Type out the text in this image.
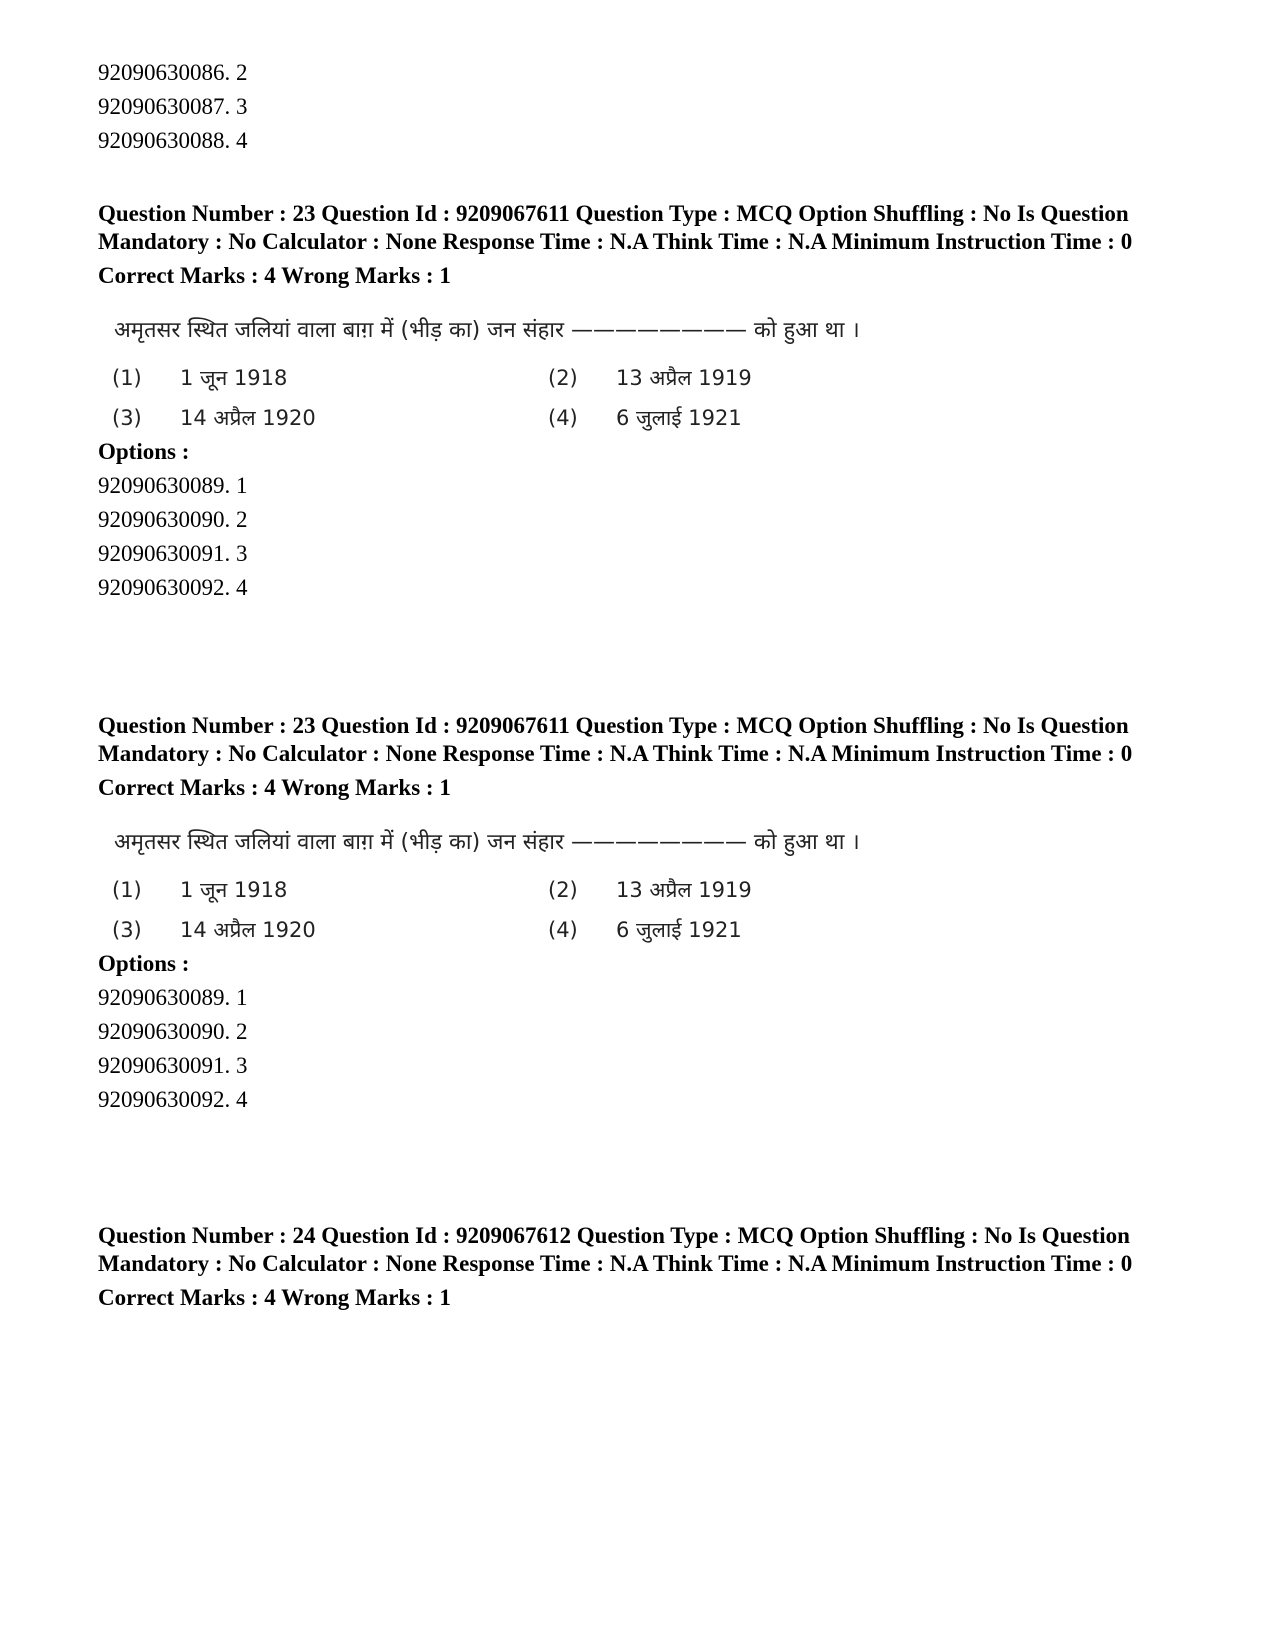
92090630086. 2

92090630087. 3

92090630088. 4

Question Number : 23 Question Id : 9209067611 Question Type : MCQ Option Shuffling : No Is Question Mandatory : No Calculator : None Response Time : N.A Think Time : N.A Minimum Instruction Time : 0

Correct Marks : 4 Wrong Marks : 1

अमृतसर स्थित जलियां वाला बाग़ में (भीड़ का) जन संहार ———————— को हुआ था ।
(1) 1 जून 1918	(2) 13 अप्रैल 1919
(3) 14 अप्रैल 1920	(4) 6 जुलाई 1921

Options :

92090630089. 1

92090630090. 2

92090630091. 3

92090630092. 4

Question Number : 23 Question Id : 9209067611 Question Type : MCQ Option Shuffling : No Is Question Mandatory : No Calculator : None Response Time : N.A Think Time : N.A Minimum Instruction Time : 0

Correct Marks : 4 Wrong Marks : 1

अमृतसर स्थित जलियां वाला बाग़ में (भीड़ का) जन संहार ———————— को हुआ था ।
(1) 1 जून 1918	(2) 13 अप्रैल 1919
(3) 14 अप्रैल 1920	(4) 6 जुलाई 1921

Options :

92090630089. 1

92090630090. 2

92090630091. 3

92090630092. 4

Question Number : 24 Question Id : 9209067612 Question Type : MCQ Option Shuffling : No Is Question Mandatory : No Calculator : None Response Time : N.A Think Time : N.A Minimum Instruction Time : 0

Correct Marks : 4 Wrong Marks : 1
